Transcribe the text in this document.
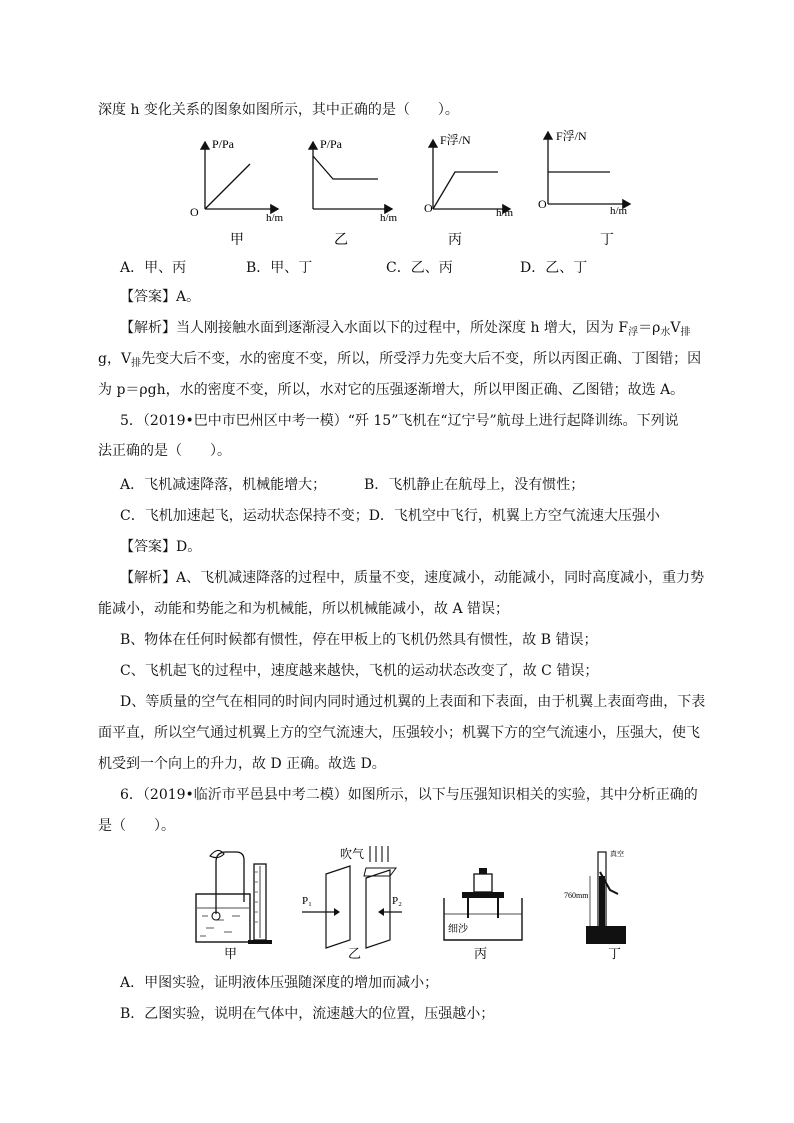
深度 h 变化关系的图象如图所示，其中正确的是（　　）。
P/Pa
O	h/m
甲
P/Pa
h/m
乙
F浮/N
O	h/m
丙
F浮/N
O	h/m
丁
A．甲、丙	B．甲、丁	C．乙、丙	D．乙、丁
【答案】A。
【解析】当人刚接触水面到逐渐浸入水面以下的过程中，所处深度 h 增大，因为 $F_浮=\rho_水V_排$
g，$V_排$先变大后不变，水的密度不变，所以，所受浮力先变大后不变，所以丙图正确、丁图错；因
为 p＝ρgh，水的密度不变，所以，水对它的压强逐渐增大，所以甲图正确、乙图错；故选 A。
5．（2019•巴中市巴州区中考一模）“歼 15”飞机在“辽宁号”航母上进行起降训练。下列说
法正确的是（　　）。
A．飞机减速降落，机械能增大；	B．飞机静止在航母上，没有惯性；
C．飞机加速起飞，运动状态保持不变；D．飞机空中飞行，机翼上方空气流速大压强小
【答案】D。
【解析】A、飞机减速降落的过程中，质量不变，速度减小，动能减小，同时高度减小，重力势
能减小，动能和势能之和为机械能，所以机械能减小，故 A 错误；
B、物体在任何时候都有惯性，停在甲板上的飞机仍然具有惯性，故 B 错误；
C、飞机起飞的过程中，速度越来越快，飞机的运动状态改变了，故 C 错误；
D、等质量的空气在相同的时间内同时通过机翼的上表面和下表面，由于机翼上表面弯曲，下表
面平直，所以空气通过机翼上方的空气流速大，压强较小；机翼下方的空气流速小，压强大，使飞
机受到一个向上的升力，故 D 正确。故选 D。
6．（2019•临沂市平邑县中考二模）如图所示，以下与压强知识相关的实验，其中分析正确的
是（　　）。
甲
吹气
P₁	P₂
乙
细沙
丙
真空
760mm
丁
A．甲图实验，证明液体压强随深度的增加而减小；
B．乙图实验，说明在气体中，流速越大的位置，压强越小；
